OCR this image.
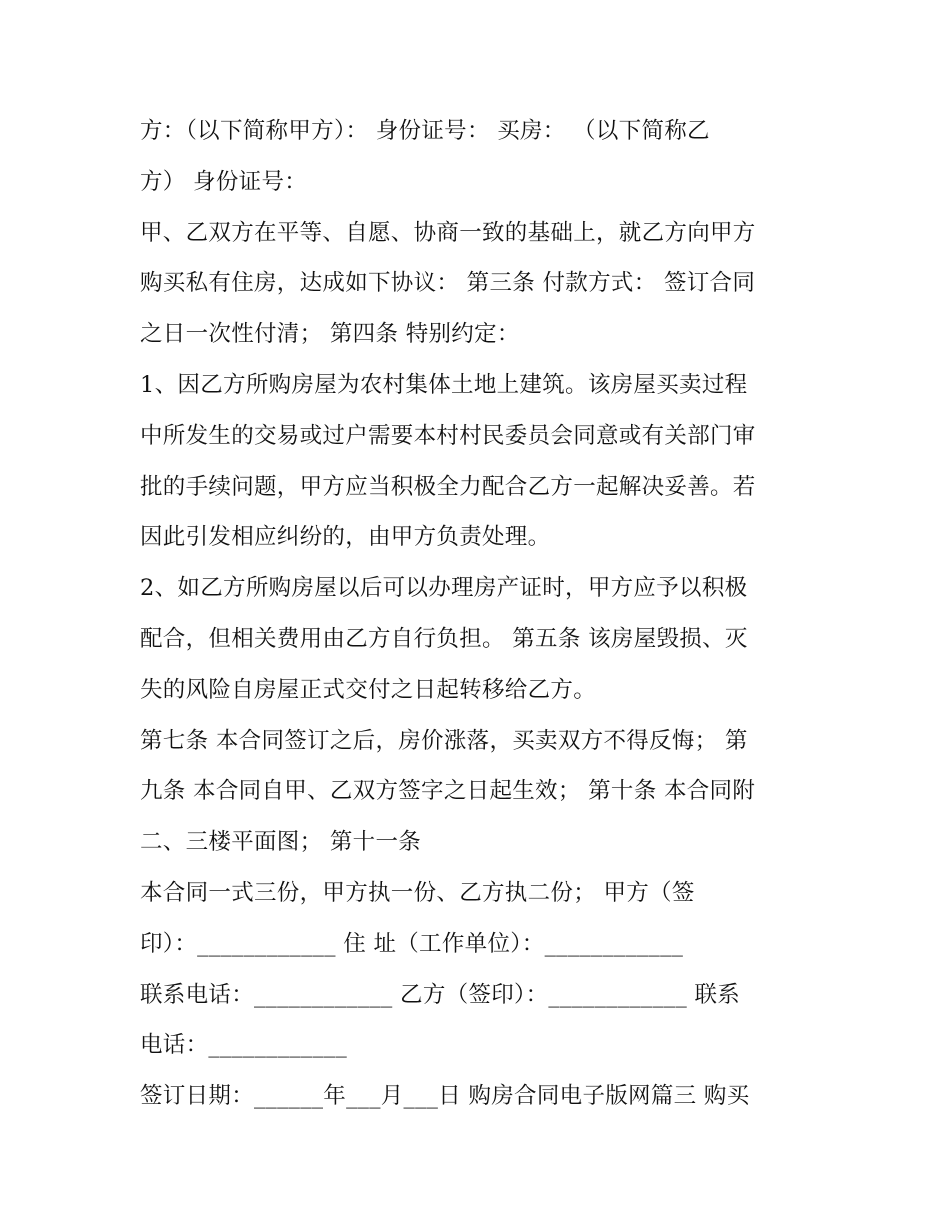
方：（以下简称甲方）： 身份证号： 买房： （以下简称乙
方） 身份证号：
甲、乙双方在平等、自愿、协商一致的基础上，就乙方向甲方
购买私有住房，达成如下协议： 第三条 付款方式： 签订合同
之日一次性付清； 第四条 特别约定：
1、因乙方所购房屋为农村集体土地上建筑。该房屋买卖过程
中所发生的交易或过户需要本村村民委员会同意或有关部门审
批的手续问题，甲方应当积极全力配合乙方一起解决妥善。若
因此引发相应纠纷的，由甲方负责处理。
2、如乙方所购房屋以后可以办理房产证时，甲方应予以积极
配合，但相关费用由乙方自行负担。 第五条 该房屋毁损、灭
失的风险自房屋正式交付之日起转移给乙方。
第七条 本合同签订之后，房价涨落，买卖双方不得反悔； 第
九条 本合同自甲、乙双方签字之日起生效； 第十条 本合同附
二、三楼平面图； 第十一条
本合同一式三份，甲方执一份、乙方执二份； 甲方（签
印）：____________ 住 址（工作单位）：____________
联系电话：____________ 乙方（签印）：____________ 联系
电话：____________
签订日期：______年___月___日 购房合同电子版网篇三 购买
